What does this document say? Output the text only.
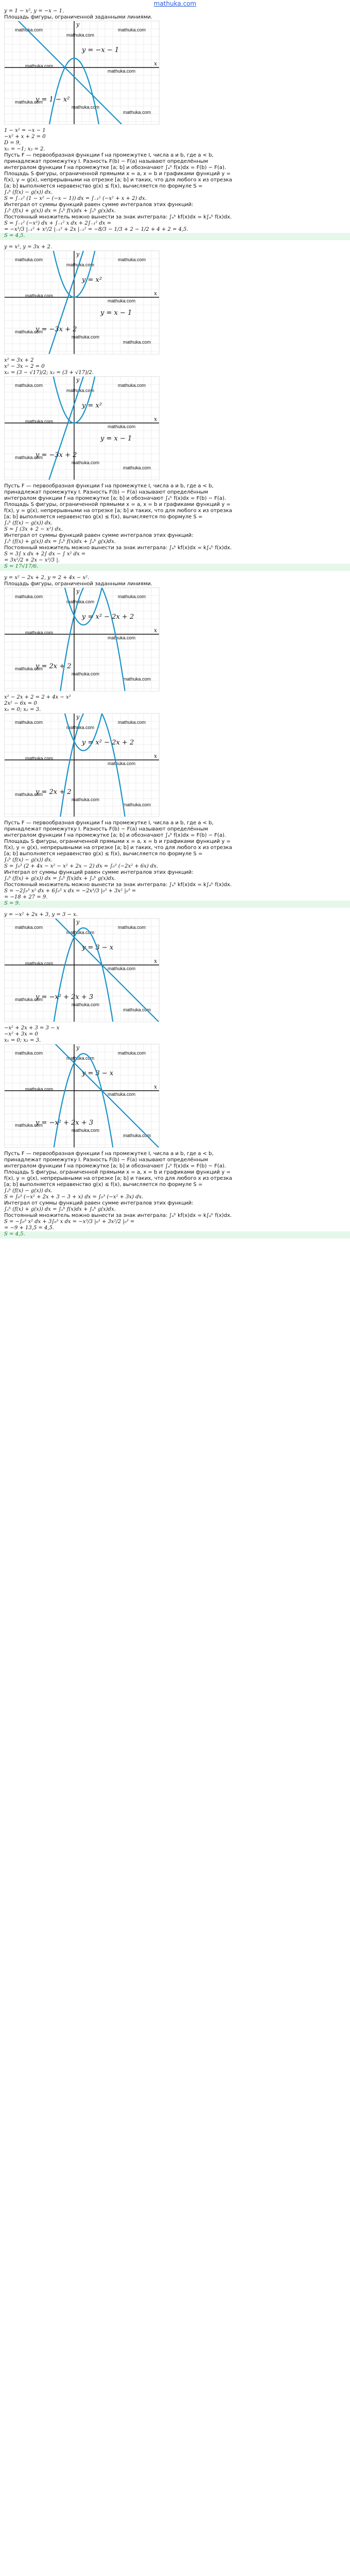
mathuka.com
y = 1 − x², y = −x − 1.
Площадь фигуры, ограниченной заданными линиями.
mathuka.com
mathuka.com
mathuka.com
mathuka.com
mathuka.com
mathuka.com
mathuka.com
mathuka.com
x
y
y = −x − 1
y = 1 − x²
1 − x² = −x − 1
−x² + x + 2 = 0
D = 9,
x₁ = −1; x₂ = 2.
Пусть F — первообразная функции f на промежутке I, числа a и b, где a < b,
принадлежат промежутку I. Разность F(b) − F(a) называют определённым
интегралом функции f на промежутке [a; b] и обозначают ∫ₐᵇ f(x)dx = F(b) − F(a).
Площадь S фигуры, ограниченной прямыми x = a, x = b и графиками функций y =
f(x), y = g(x), непрерывными на отрезке [a; b] и таких, что для любого x из отрезка
[a; b] выполняется неравенство g(x) ≤ f(x), вычисляется по формуле S =
∫ₐᵇ (f(x) − g(x)) dx.
S = ∫₋₁² (1 − x² − (−x − 1)) dx = ∫₋₁² (−x² + x + 2) dx.
Интеграл от суммы функций равен сумме интегралов этих функций:
∫ₐᵇ (f(x) + g(x)) dx = ∫ₐᵇ f(x)dx + ∫ₐᵇ g(x)dx.
Постоянный множитель можно вынести за знак интеграла: ∫ₐᵇ kf(x)dx = k∫ₐᵇ f(x)dx.
S = ∫₋₁² (−x²) dx + ∫₋₁² x dx + 2∫₋₁² dx =
= −x³/3 |₋₁² + x²/2 |₋₁² + 2x |₋₁² = −8/3 − 1/3 + 2 − 1/2 + 4 + 2 = 4,5.
S = 4,5.
y = x², y = 3x + 2.
mathuka.com
mathuka.com
mathuka.com
mathuka.com
mathuka.com
mathuka.com
mathuka.com
mathuka.com
x
y
y = x²
y = −3x + 2
y = x − 1
x² = 3x + 2
x² − 3x − 2 = 0
x₁ = (3 − √17)/2; x₂ = (3 + √17)/2.
mathuka.com
mathuka.com
mathuka.com
mathuka.com
mathuka.com
mathuka.com
mathuka.com
mathuka.com
x
y
y = x²
y = −3x + 2
y = x − 1
Пусть F — первообразная функции f на промежутке I, числа a и b, где a < b,
принадлежат промежутку I. Разность F(b) − F(a) называют определённым
интегралом функции f на промежутке [a; b] и обозначают ∫ₐᵇ f(x)dx = F(b) − F(a).
Площадь S фигуры, ограниченной прямыми x = a, x = b и графиками функций y =
f(x), y = g(x), непрерывными на отрезке [a; b] и таких, что для любого x из отрезка
[a; b] выполняется неравенство g(x) ≤ f(x), вычисляется по формуле S =
∫ₐᵇ (f(x) − g(x)) dx.
S = ∫ (3x + 2 − x²) dx.
Интеграл от суммы функций равен сумме интегралов этих функций:
∫ₐᵇ (f(x) + g(x)) dx = ∫ₐᵇ f(x)dx + ∫ₐᵇ g(x)dx.
Постоянный множитель можно вынести за знак интеграла: ∫ₐᵇ kf(x)dx = k∫ₐᵇ f(x)dx.
S = 3∫ x dx + 2∫ dx − ∫ x² dx =
= 3x²/2 + 2x − x³/3 |.
S = 17√17/6.
y = x² − 2x + 2, y = 2 + 4x − x².
Площадь фигуры, ограниченной заданными линиями.
mathuka.com
mathuka.com
mathuka.com
mathuka.com
mathuka.com
mathuka.com
mathuka.com
mathuka.com
x
y
y = x² − 2x + 2
y = 2x + 2
x² − 2x + 2 = 2 + 4x − x²
2x² − 6x = 0
x₁ = 0; x₂ = 3.
mathuka.com
mathuka.com
mathuka.com
mathuka.com
mathuka.com
mathuka.com
mathuka.com
mathuka.com
x
y
y = x² − 2x + 2
y = 2x + 2
Пусть F — первообразная функции f на промежутке I, числа a и b, где a < b,
принадлежат промежутку I. Разность F(b) − F(a) называют определённым
интегралом функции f на промежутке [a; b] и обозначают ∫ₐᵇ f(x)dx = F(b) − F(a).
Площадь S фигуры, ограниченной прямыми x = a, x = b и графиками функций y =
f(x), y = g(x), непрерывными на отрезке [a; b] и таких, что для любого x из отрезка
[a; b] выполняется неравенство g(x) ≤ f(x), вычисляется по формуле S =
∫ₐᵇ (f(x) − g(x)) dx.
S = ∫₀³ (2 + 4x − x² − x² + 2x − 2) dx = ∫₀³ (−2x² + 6x) dx.
Интеграл от суммы функций равен сумме интегралов этих функций:
∫ₐᵇ (f(x) + g(x)) dx = ∫ₐᵇ f(x)dx + ∫ₐᵇ g(x)dx.
Постоянный множитель можно вынести за знак интеграла: ∫ₐᵇ kf(x)dx = k∫ₐᵇ f(x)dx.
S = −2∫₀³ x² dx + 6∫₀³ x dx = −2x³/3 |₀³ + 3x² |₀³ =
= −18 + 27 = 9.
S = 9.
y = −x² + 2x + 3, y = 3 − x.
mathuka.com
mathuka.com
mathuka.com
mathuka.com
mathuka.com
mathuka.com
mathuka.com
mathuka.com
x
y
y = 3 − x
y = −x² + 2x + 3
−x² + 2x + 3 = 3 − x
−x² + 3x = 0
x₁ = 0; x₂ = 3.
mathuka.com
mathuka.com
mathuka.com
mathuka.com
mathuka.com
mathuka.com
mathuka.com
mathuka.com
x
y
y = 3 − x
y = −x² + 2x + 3
Пусть F — первообразная функции f на промежутке I, числа a и b, где a < b,
принадлежат промежутку I. Разность F(b) − F(a) называют определённым
интегралом функции f на промежутке [a; b] и обозначают ∫ₐᵇ f(x)dx = F(b) − F(a).
Площадь S фигуры, ограниченной прямыми x = a, x = b и графиками функций y =
f(x), y = g(x), непрерывными на отрезке [a; b] и таких, что для любого x из отрезка
[a; b] выполняется неравенство g(x) ≤ f(x), вычисляется по формуле S =
∫ₐᵇ (f(x) − g(x)) dx.
S = ∫₀³ (−x² + 2x + 3 − 3 + x) dx = ∫₀³ (−x² + 3x) dx.
Интеграл от суммы функций равен сумме интегралов этих функций:
∫ₐᵇ (f(x) + g(x)) dx = ∫ₐᵇ f(x)dx + ∫ₐᵇ g(x)dx.
Постоянный множитель можно вынести за знак интеграла: ∫ₐᵇ kf(x)dx = k∫ₐᵇ f(x)dx.
S = −∫₀³ x² dx + 3∫₀³ x dx = −x³/3 |₀³ + 3x²/2 |₀³ =
= −9 + 13,5 = 4,5.
S = 4,5.
